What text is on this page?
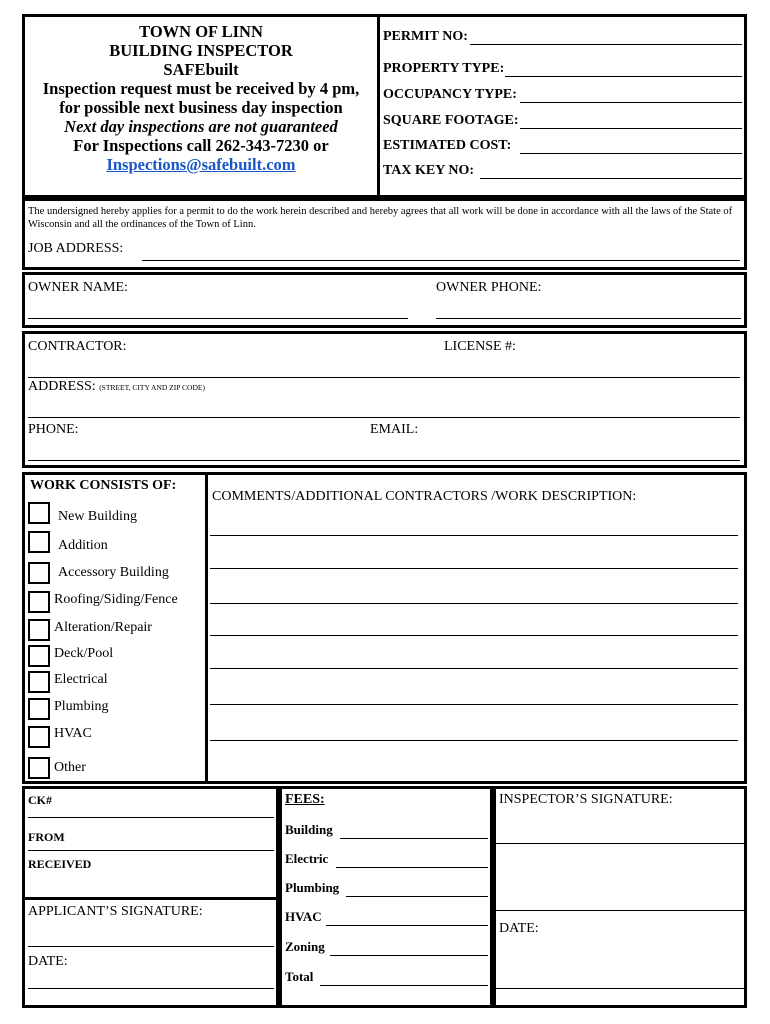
TOWN OF LINN
BUILDING INSPECTOR
SAFEbuilt
Inspection request must be received by 4 pm,
for possible next business day inspection
Next day inspections are not guaranteed
For Inspections call 262-343-7230 or
Inspections@safebuilt.com
PERMIT NO:
PROPERTY TYPE:
OCCUPANCY TYPE:
SQUARE FOOTAGE:
ESTIMATED COST:
TAX KEY NO:
The undersigned hereby applies for a permit to do the work herein described and hereby agrees that all work will be done in accordance with all the laws of the State of Wisconsin and all the ordinances of the Town of Linn.
JOB ADDRESS:
OWNER NAME:	OWNER PHONE:
CONTRACTOR:	LICENSE #:
ADDRESS: (STREET, CITY AND ZIP CODE)
PHONE:	EMAIL:
WORK CONSISTS OF:
New Building
Addition
Accessory Building
Roofing/Siding/Fence
Alteration/Repair
Deck/Pool
Electrical
Plumbing
HVAC
Other
COMMENTS/ADDITIONAL CONTRACTORS /WORK DESCRIPTION:
CK#
FROM
RECEIVED
APPLICANT’S SIGNATURE:
DATE:
FEES:
Building
Electric
Plumbing
HVAC
Zoning
Total
INSPECTOR’S SIGNATURE:
DATE:
